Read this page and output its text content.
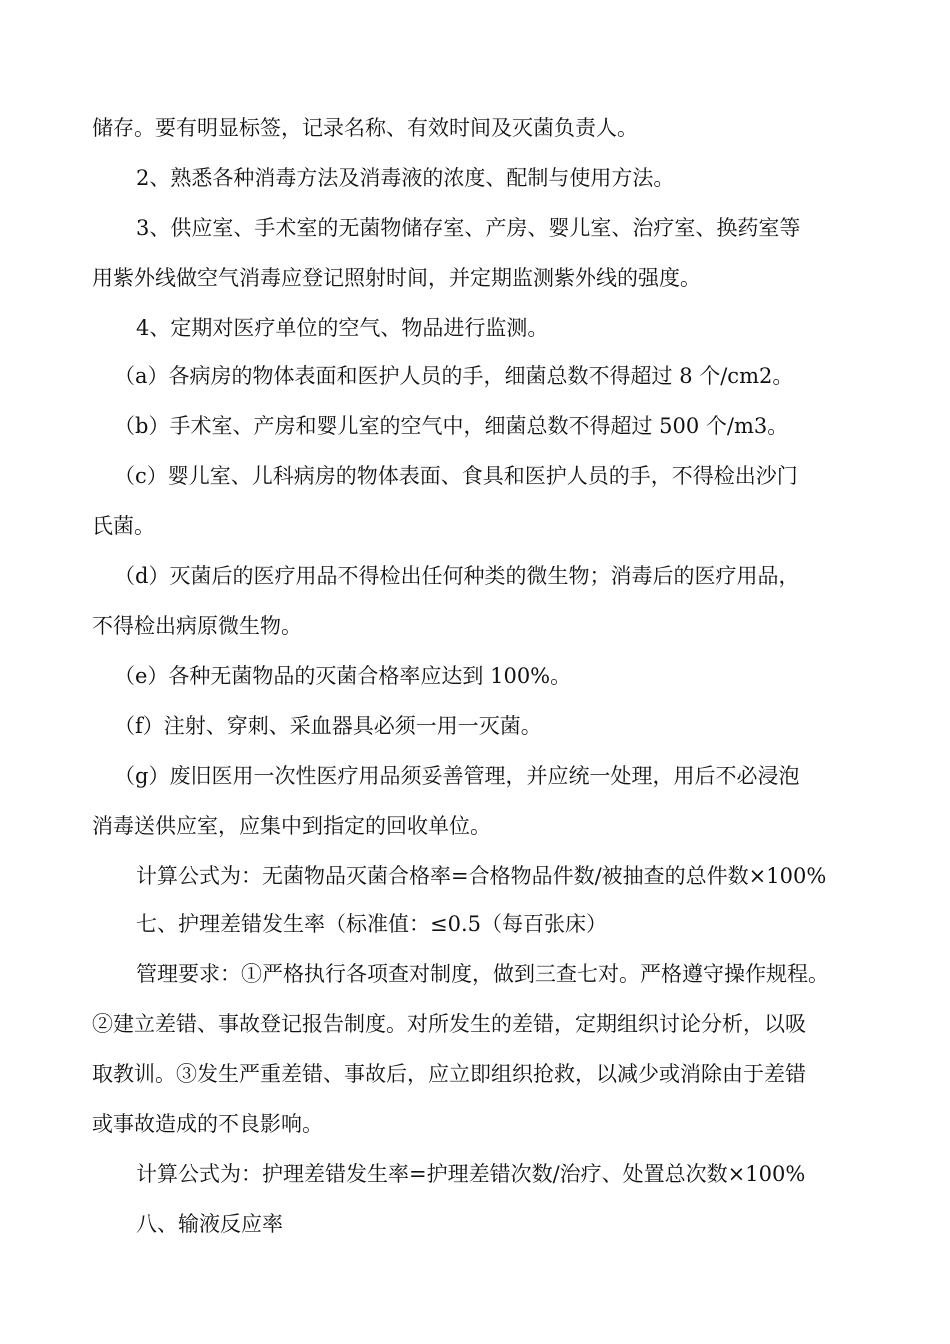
储存。要有明显标签，记录名称、有效时间及灭菌负责人。
2、熟悉各种消毒方法及消毒液的浓度、配制与使用方法。
3、供应室、手术室的无菌物储存室、产房、婴儿室、治疗室、换药室等
用紫外线做空气消毒应登记照射时间，并定期监测紫外线的强度。
4、定期对医疗单位的空气、物品进行监测。
（a）各病房的物体表面和医护人员的手，细菌总数不得超过 8 个/cm2。
（b）手术室、产房和婴儿室的空气中，细菌总数不得超过 500 个/m3。
（c）婴儿室、儿科病房的物体表面、食具和医护人员的手，不得检出沙门
氏菌。
（d）灭菌后的医疗用品不得检出任何种类的微生物；消毒后的医疗用品，
不得检出病原微生物。
（e）各种无菌物品的灭菌合格率应达到 100%。
（f）注射、穿刺、采血器具必须一用一灭菌。
（g）废旧医用一次性医疗用品须妥善管理，并应统一处理，用后不必浸泡
消毒送供应室，应集中到指定的回收单位。
计算公式为：无菌物品灭菌合格率=合格物品件数/被抽查的总件数×100%
七、护理差错发生率（标准值：≤0.5（每百张床）
管理要求：①严格执行各项查对制度，做到三查七对。严格遵守操作规程。
②建立差错、事故登记报告制度。对所发生的差错，定期组织讨论分析，以吸
取教训。③发生严重差错、事故后，应立即组织抢救，以减少或消除由于差错
或事故造成的不良影响。
计算公式为：护理差错发生率=护理差错次数/治疗、处置总次数×100%
八、输液反应率
